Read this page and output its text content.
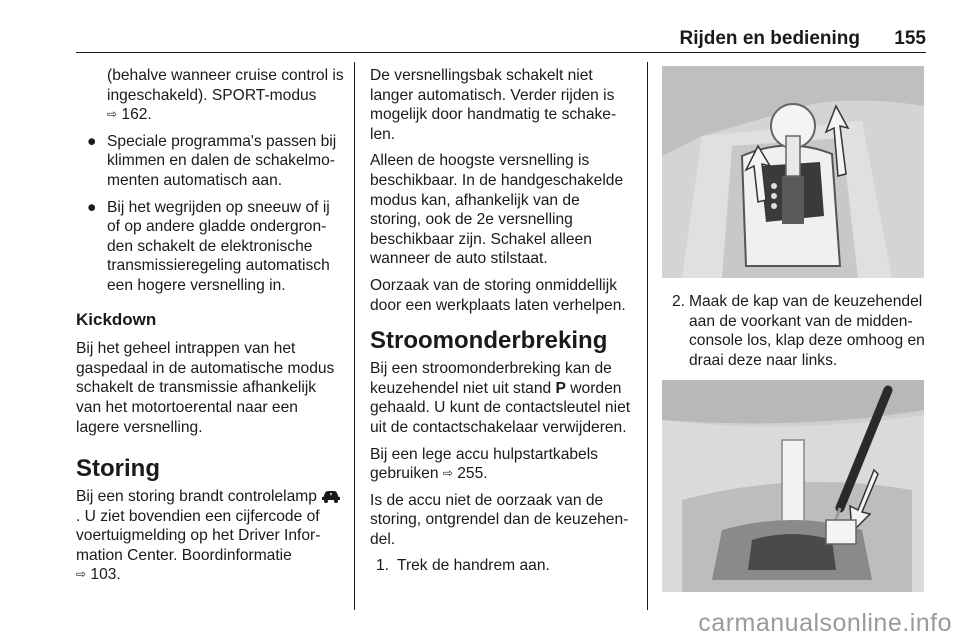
Rijden en bediening 155

(behalve wanneer cruise control is ingeschakeld). SPORT-modus
⇨ 162.

● Speciale programma's passen bij klimmen en dalen de schakelmomenten automatisch aan.
● Bij het wegrijden op sneeuw of ij of op andere gladde ondergronden schakelt de elektronische transmissieregeling automatisch een hogere versnelling in.
Kickdown

Bij het geheel intrappen van het gaspedaal in de automatische modus schakelt de transmissie afhankelijk van het motortoerental naar een lagere versnelling.

Storing

Bij een storing brandt controlelamp . U ziet bovendien een cijfercode of voertuigmelding op het Driver Information Center. Boordinformatie
⇨ 103.

De versnellingsbak schakelt niet langer automatisch. Verder rijden is mogelijk door handmatig te schakelen.

Alleen de hoogste versnelling is beschikbaar. In de handgeschakelde modus kan, afhankelijk van de storing, ook de 2e versnelling beschikbaar zijn. Schakel alleen wanneer de auto stilstaat.

Oorzaak van de storing onmiddellijk door een werkplaats laten verhelpen.

Stroomonderbreking

Bij een stroomonderbreking kan de keuzehendel niet uit stand P worden gehaald. U kunt de contactsleutel niet uit de contactschakelaar verwijderen.

Bij een lege accu hulpstartkabels gebruiken ⇨ 255.

Is de accu niet de oorzaak van de storing, ontgrendel dan de keuzehendel.

1. Trek de handrem aan.
2. Maak de kap van de keuzehendel aan de voorkant van de middenconsole los, klap deze omhoog en draai deze naar links.
carmanualsonline.info
